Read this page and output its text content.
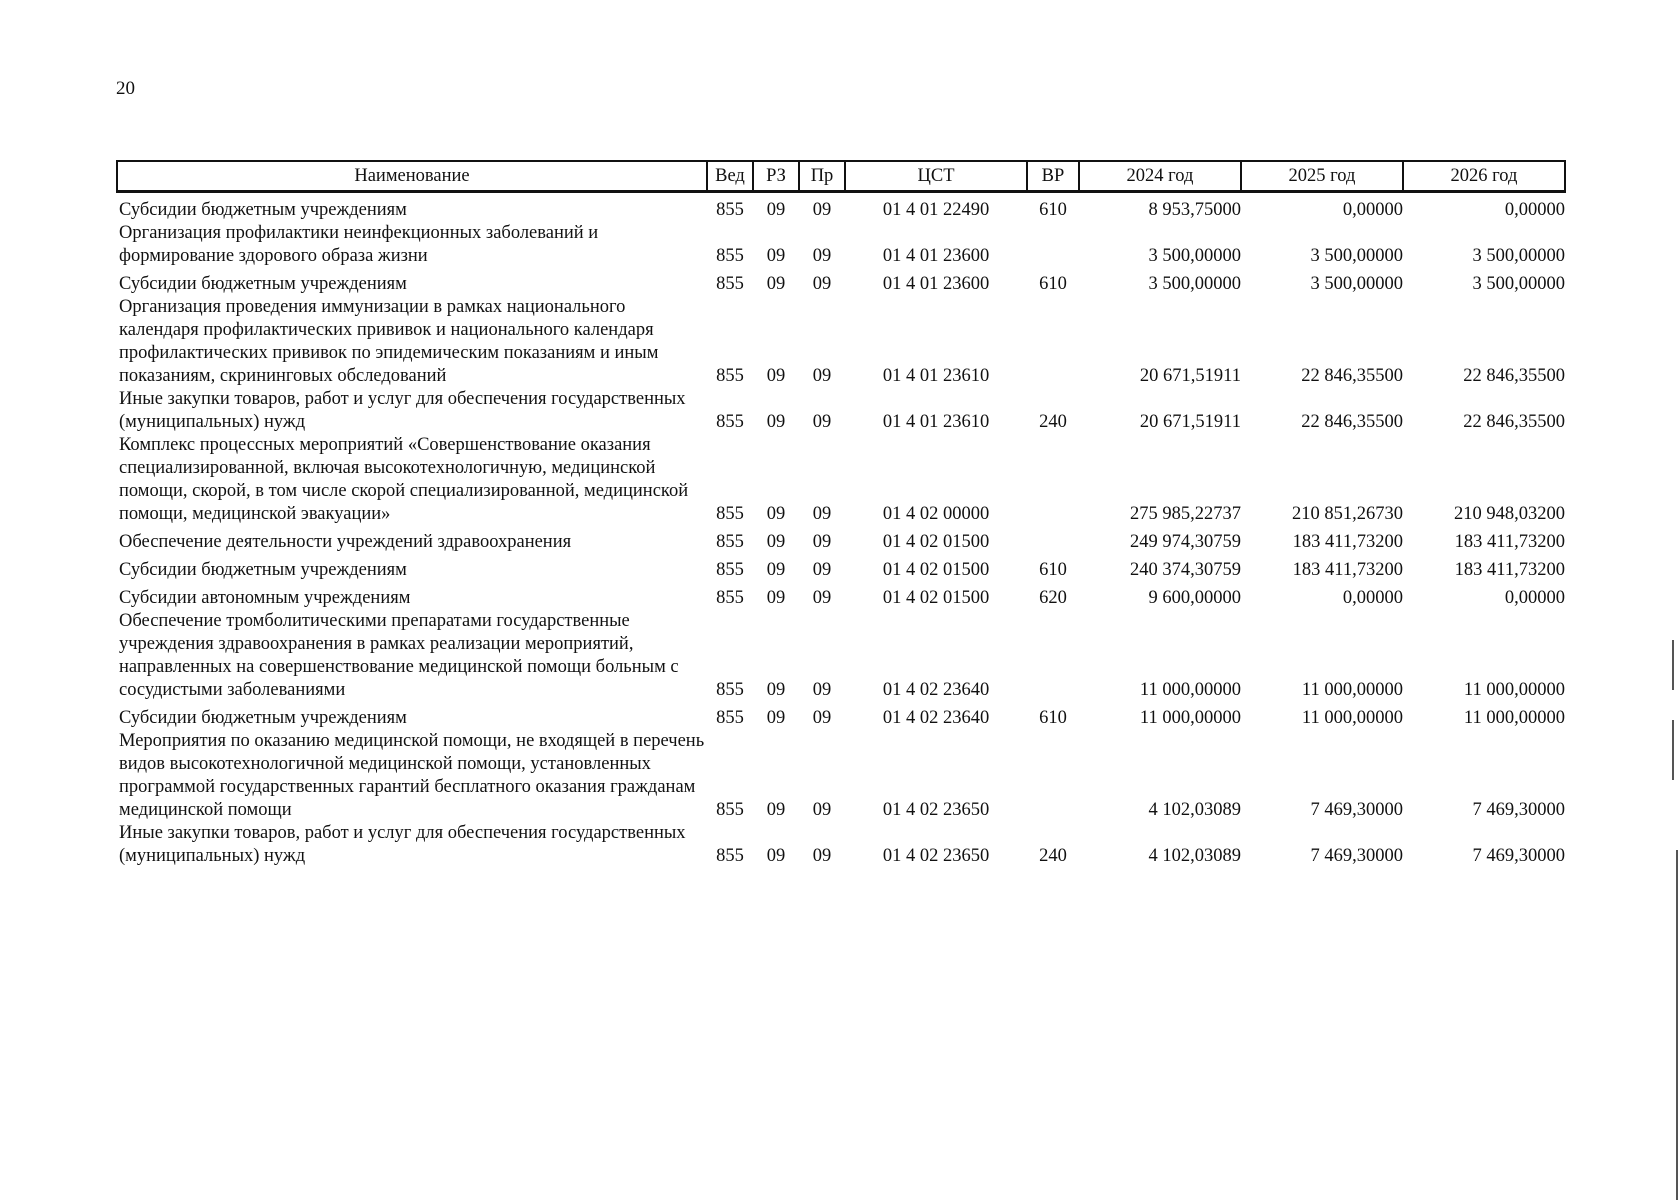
20
Наименование	Вед	РЗ	Пр	ЦСТ	ВР	2024 год	2025 год	2026 год
Субсидии бюджетным учреждениям	855	09	09	01 4 01 22490	610	8 953,75000	0,00000	0,00000
Организация профилактики неинфекционных заболеваний и формирование здорового образа жизни	855	09	09	01 4 01 23600		3 500,00000	3 500,00000	3 500,00000
Субсидии бюджетным учреждениям	855	09	09	01 4 01 23600	610	3 500,00000	3 500,00000	3 500,00000
Организация проведения иммунизации в рамках национального календаря профилактических прививок и национального календаря профилактических прививок по эпидемическим показаниям и иным показаниям, скрининговых обследований	855	09	09	01 4 01 23610		20 671,51911	22 846,35500	22 846,35500
Иные закупки товаров, работ и услуг для обеспечения государственных (муниципальных) нужд	855	09	09	01 4 01 23610	240	20 671,51911	22 846,35500	22 846,35500
Комплекс процессных мероприятий «Совершенствование оказания специализированной, включая высокотехнологичную, медицинской помощи, скорой, в том числе скорой специализированной, медицинской помощи, медицинской эвакуации»	855	09	09	01 4 02 00000		275 985,22737	210 851,26730	210 948,03200
Обеспечение деятельности учреждений здравоохранения	855	09	09	01 4 02 01500		249 974,30759	183 411,73200	183 411,73200
Субсидии бюджетным учреждениям	855	09	09	01 4 02 01500	610	240 374,30759	183 411,73200	183 411,73200
Субсидии автономным учреждениям	855	09	09	01 4 02 01500	620	9 600,00000	0,00000	0,00000
Обеспечение тромболитическими препаратами государственные учреждения здравоохранения в рамках реализации мероприятий, направленных на совершенствование медицинской помощи больным с сосудистыми заболеваниями	855	09	09	01 4 02 23640		11 000,00000	11 000,00000	11 000,00000
Субсидии бюджетным учреждениям	855	09	09	01 4 02 23640	610	11 000,00000	11 000,00000	11 000,00000
Мероприятия по оказанию медицинской помощи, не входящей в перечень видов высокотехнологичной медицинской помощи, установленных программой государственных гарантий бесплатного оказания гражданам медицинской помощи	855	09	09	01 4 02 23650		4 102,03089	7 469,30000	7 469,30000
Иные закупки товаров, работ и услуг для обеспечения государственных (муниципальных) нужд	855	09	09	01 4 02 23650	240	4 102,03089	7 469,30000	7 469,30000
